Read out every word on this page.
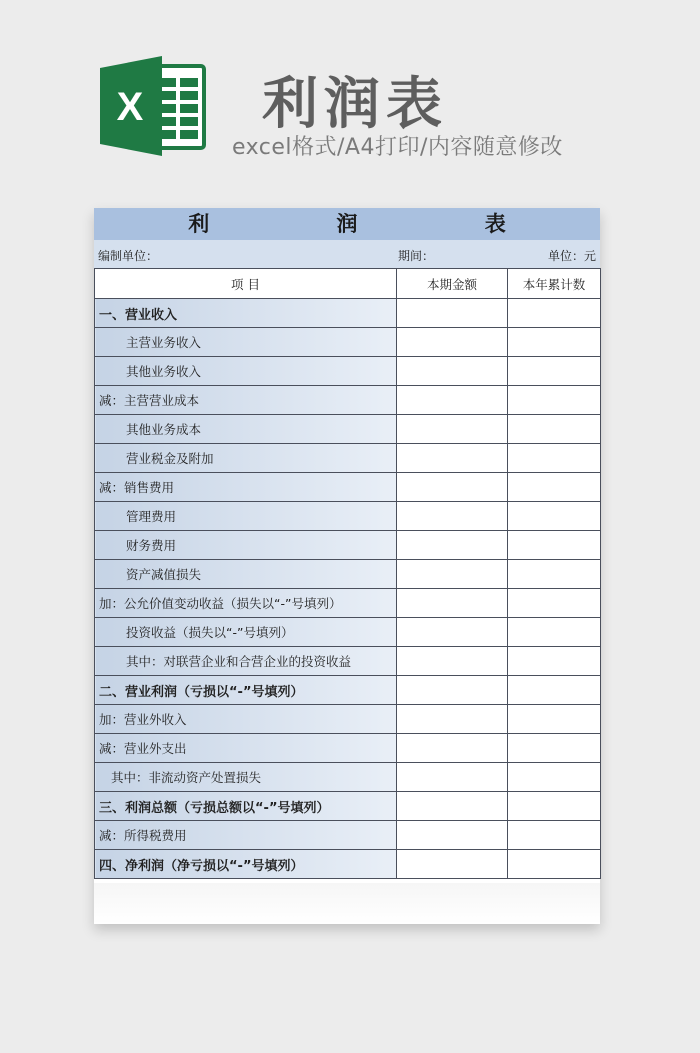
X 利润表
excel格式/A4打印/内容随意修改
利 润 表
编制单位：	期间：	单位：元
项 目	本期金额	本年累计数
一、营业收入		
主营业务收入		
其他业务收入		
减：主营营业成本		
其他业务成本		
营业税金及附加		
减：销售费用		
管理费用		
财务费用		
资产减值损失		
加：公允价值变动收益（损失以“-”号填列）		
投资收益（损失以“-”号填列）		
其中：对联营企业和合营企业的投资收益		
二、营业利润（亏损以“-”号填列）		
加：营业外收入		
减：营业外支出		
其中：非流动资产处置损失		
三、利润总额（亏损总额以“-”号填列）		
减：所得税费用		
四、净利润（净亏损以“-”号填列）		
